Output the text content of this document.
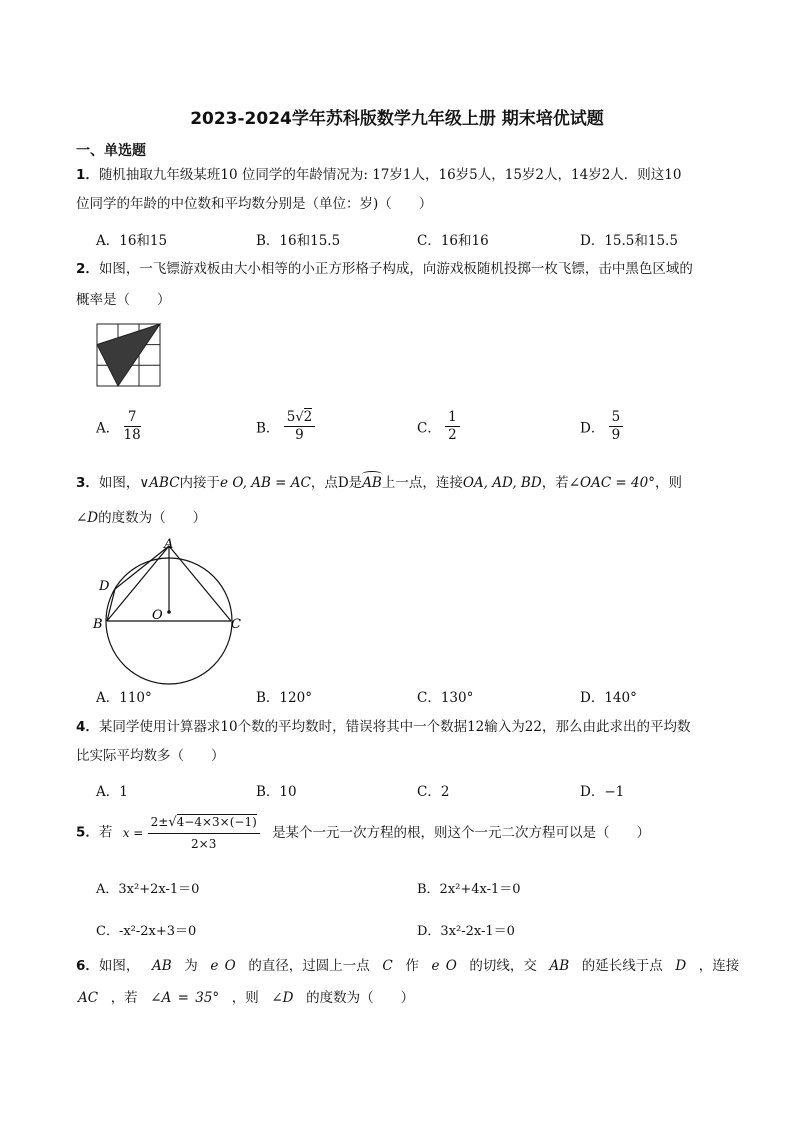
2023-2024学年苏科版数学九年级上册 期末培优试题
一、单选题
1．随机抽取九年级某班10 位同学的年龄情况为: 17岁1人，16岁5人，15岁2人，14岁2人．则这10
位同学的年龄的中位数和平均数分别是（单位：岁)（　　）
A．16和15	B．16和15.5	C．16和16	D．15.5和15.5
2．如图，一飞镖游戏板由大小相等的小正方形格子构成，向游戏板随机投掷一枚飞镖，击中黑色区域的
概率是（　　）
A． $\frac{7}{18}$	B． $\frac{5√2}{9}$	C． $\frac{1}{2}$	D． $\frac{5}{9}$
3．如图，∨ABC内接于e O, AB = AC，点D是
AB上一点，连接OA, AD, BD，若∠OAC = 40°，则
∠D的度数为（　　）
A
D
B	C
O
A．110°	B．120°	C．130°	D．140°
4．某同学使用计算器求10个数的平均数时，错误将其中一个数据12输入为22，那么由此求出的平均数
比实际平均数多（　　）
A．1	B．10	C．2	D．−1
5．若 $x = \frac{2\pm√4-4\times 3\times(-1)}{2\times 3}$ 是某个一元一次方程的根，则这个一元二次方程可以是（　　）
A．3x²+2x-1＝0	B．2x²+4x-1＝0
C．-x²-2x+3＝0	D．3x²-2x-1＝0
6．如图， AB 为 e O 的直径，过圆上一点 C 作 e O 的切线，交 AB 的延长线于点 D ，连接
AC ，若 ∠A = 35° ，则 ∠D 的度数为（　　）
